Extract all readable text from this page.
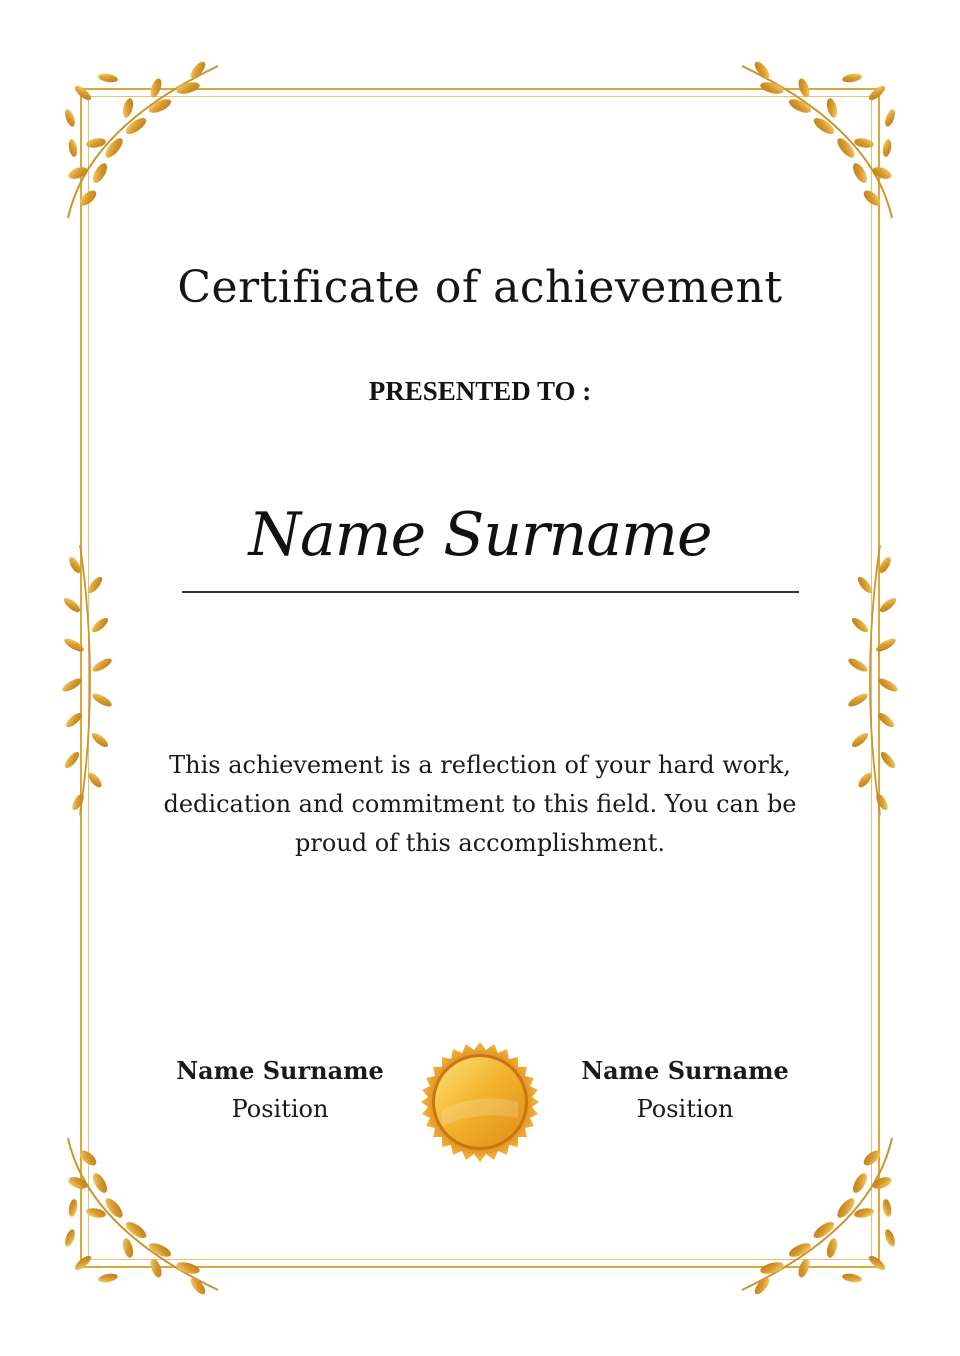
Certificate of achievement
PRESENTED TO :
Name Surname
This achievement is a reflection of your hard work,
dedication and commitment to this field. You can be
proud of this accomplishment.
Name Surname
Position
Name Surname
Position
